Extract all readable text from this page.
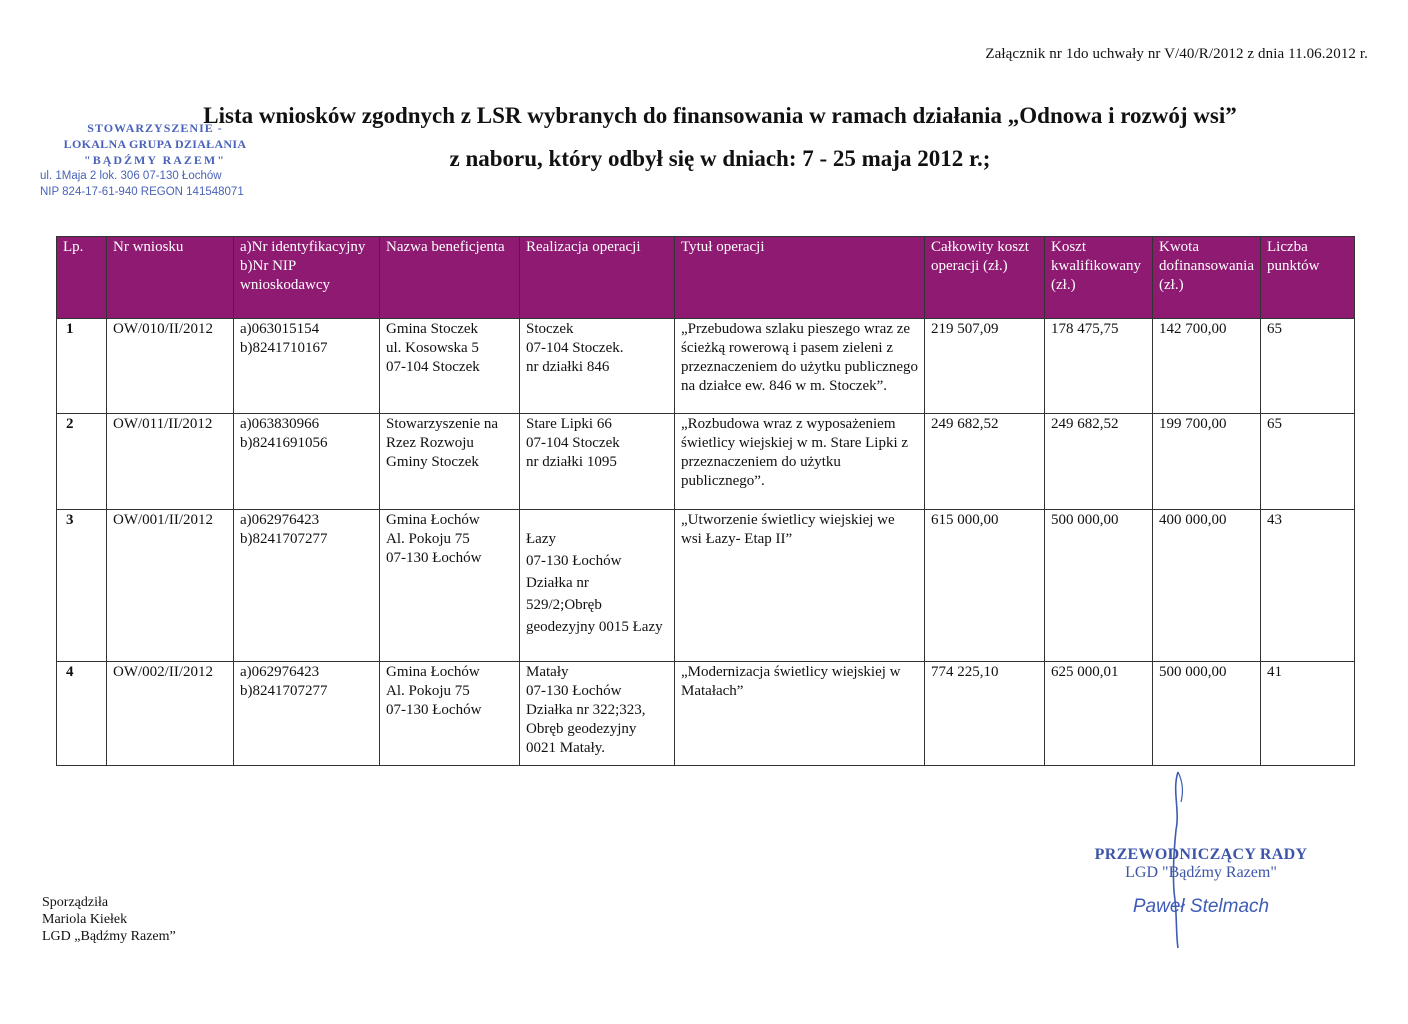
Załącznik nr 1do uchwały nr V/40/R/2012 z dnia 11.06.2012 r.
STOWARZYSZENIE -
LOKALNA GRUPA DZIAŁANIA
"BĄDŹMY RAZEM"
ul. 1Maja 2 lok. 306 07-130 Łochów
NIP 824-17-61-940 REGON 141548071
Lista wniosków zgodnych z LSR wybranych do finansowania w ramach działania „Odnowa i rozwój wsi”
z naboru, który odbył się w dniach: 7 - 25 maja 2012 r.;
Lp.	Nr wniosku	a)Nr identyfikacyjny b)Nr NIP wnioskodawcy	Nazwa beneficjenta	Realizacja operacji	Tytuł operacji	Całkowity koszt operacji (zł.)	Koszt kwalifikowany (zł.)	Kwota dofinansowania (zł.)	Liczba punktów
1	OW/010/II/2012	a)063015154
b)8241710167	Gmina Stoczek
ul. Kosowska 5
07-104 Stoczek	Stoczek
07-104 Stoczek.
nr działki 846	„Przebudowa szlaku pieszego wraz ze ścieżką rowerową i pasem zieleni z przeznaczeniem do użytku publicznego na działce ew. 846 w m. Stoczek”.	219 507,09	178 475,75	142 700,00	65
2	OW/011/II/2012	a)063830966
b)8241691056	Stowarzyszenie na Rzez Rozwoju Gminy Stoczek	Stare Lipki 66
07-104 Stoczek
nr działki 1095	„Rozbudowa wraz z wyposażeniem świetlicy wiejskiej w m. Stare Lipki z przeznaczeniem do użytku publicznego”.	249 682,52	249 682,52	199 700,00	65
3	OW/001/II/2012	a)062976423
b)8241707277	Gmina Łochów
Al. Pokoju 75
07-130 Łochów	Łazy
07-130 Łochów
Działka nr 529/2;Obręb geodezyjny 0015 Łazy	„Utworzenie świetlicy wiejskiej we wsi Łazy- Etap II”	615 000,00	500 000,00	400 000,00	43
4	OW/002/II/2012	a)062976423
b)8241707277	Gmina Łochów
Al. Pokoju 75
07-130 Łochów	Matały
07-130 Łochów
Działka nr 322;323, Obręb geodezyjny 0021 Matały.	„Modernizacja świetlicy wiejskiej w Matałach”	774 225,10	625 000,01	500 000,00	41
Sporządziła
Mariola Kiełek
LGD „Bądźmy Razem”
PRZEWODNICZĄCY RADY
LGD "Bądźmy Razem"
Paweł Stelmach
